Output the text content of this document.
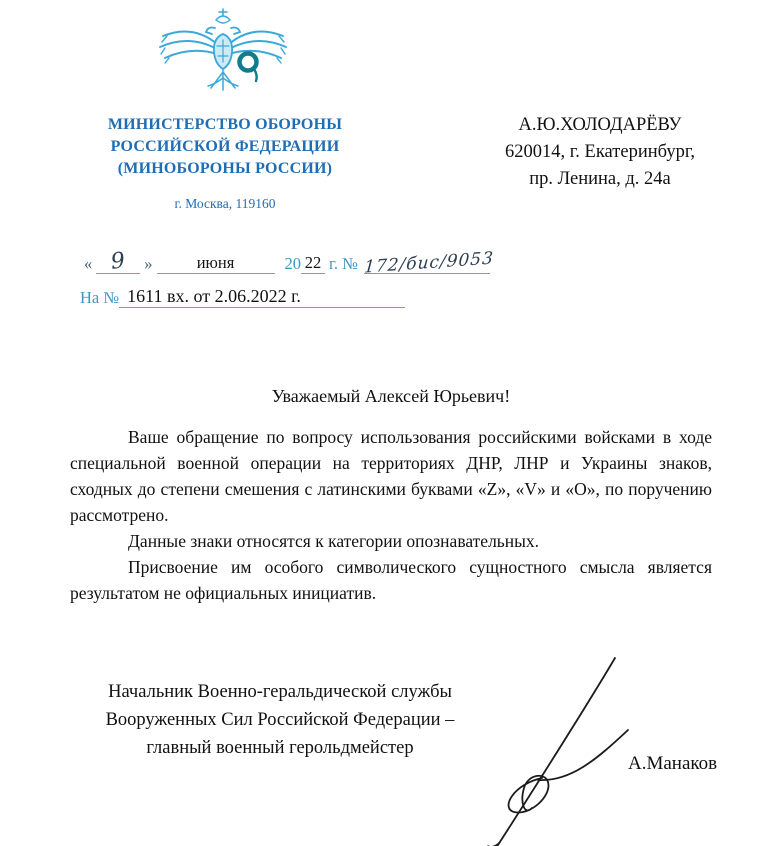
МИНИСТЕРСТВО ОБОРОНЫ
РОССИЙСКОЙ ФЕДЕРАЦИИ
(МИНОБОРОНЫ РОССИИ)
г. Москва, 119160
А.Ю.ХОЛОДАРЁВУ
620014, г. Екатеринбург,
пр. Ленина, д. 24а
« 9	»	июня	20 22 г. № 172/бис/9053
На № 1611 вх. от 2.06.2022 г.
Уважаемый Алексей Юрьевич!

Ваше обращение по вопросу использования российскими войсками в ходе специальной военной операции на территориях ДНР, ЛНР и Украины знаков, сходных до степени смешения с латинскими буквами «Z», «V» и «О», по поручению рассмотрено.

Данные знаки относятся к категории опознавательных.

Присвоение им особого символического сущностного смысла является результатом не официальных инициатив.

Начальник Военно-геральдической службы
Вооруженных Сил Российской Федерации –
главный военный герольдмейстер
А.Манаков
